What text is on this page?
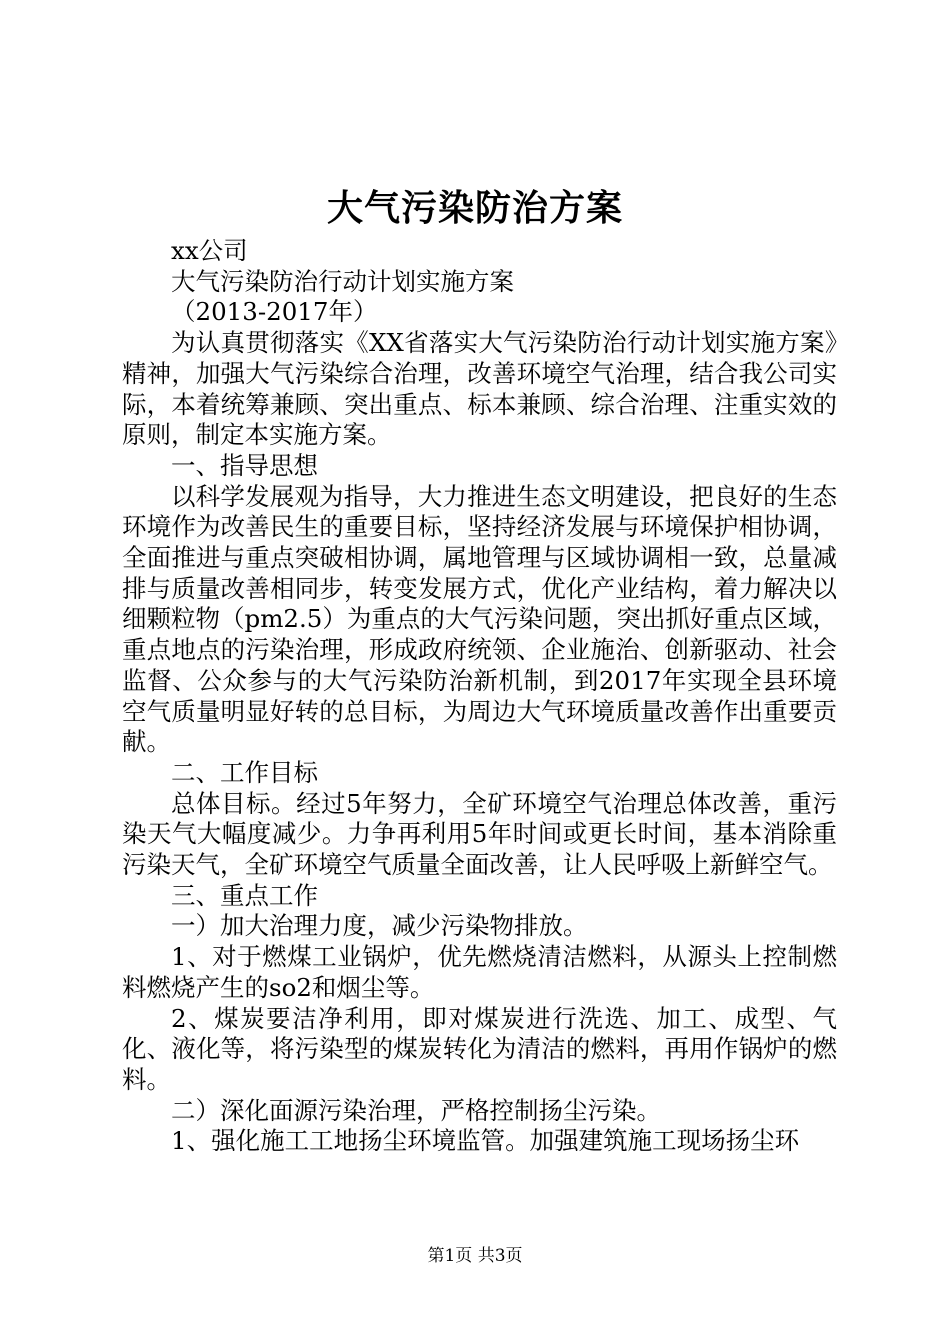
大气污染防治方案

xx公司

大气污染防治行动计划实施方案

（2013-2017年）

为认真贯彻落实《XX省落实大气污染防治行动计划实施方案》精神，加强大气污染综合治理，改善环境空气治理，结合我公司实际，本着统筹兼顾、突出重点、标本兼顾、综合治理、注重实效的原则，制定本实施方案。

一、指导思想

以科学发展观为指导，大力推进生态文明建设，把良好的生态环境作为改善民生的重要目标，坚持经济发展与环境保护相协调，全面推进与重点突破相协调，属地管理与区域协调相一致，总量减排与质量改善相同步，转变发展方式，优化产业结构，着力解决以细颗粒物（pm2.5）为重点的大气污染问题，突出抓好重点区域，重点地点的污染治理，形成政府统领、企业施治、创新驱动、社会监督、公众参与的大气污染防治新机制，到2017年实现全县环境空气质量明显好转的总目标，为周边大气环境质量改善作出重要贡献。

二、工作目标

总体目标。经过5年努力，全矿环境空气治理总体改善，重污染天气大幅度减少。力争再利用5年时间或更长时间，基本消除重污染天气，全矿环境空气质量全面改善，让人民呼吸上新鲜空气。

三、重点工作

一）加大治理力度，减少污染物排放。

1、对于燃煤工业锅炉，优先燃烧清洁燃料，从源头上控制燃料燃烧产生的so2和烟尘等。

2、煤炭要洁净利用，即对煤炭进行洗选、加工、成型、气化、液化等，将污染型的煤炭转化为清洁的燃料，再用作锅炉的燃料。

二）深化面源污染治理，严格控制扬尘污染。

1、强化施工工地扬尘环境监管。加强建筑施工现场扬尘环

第1页 共3页
